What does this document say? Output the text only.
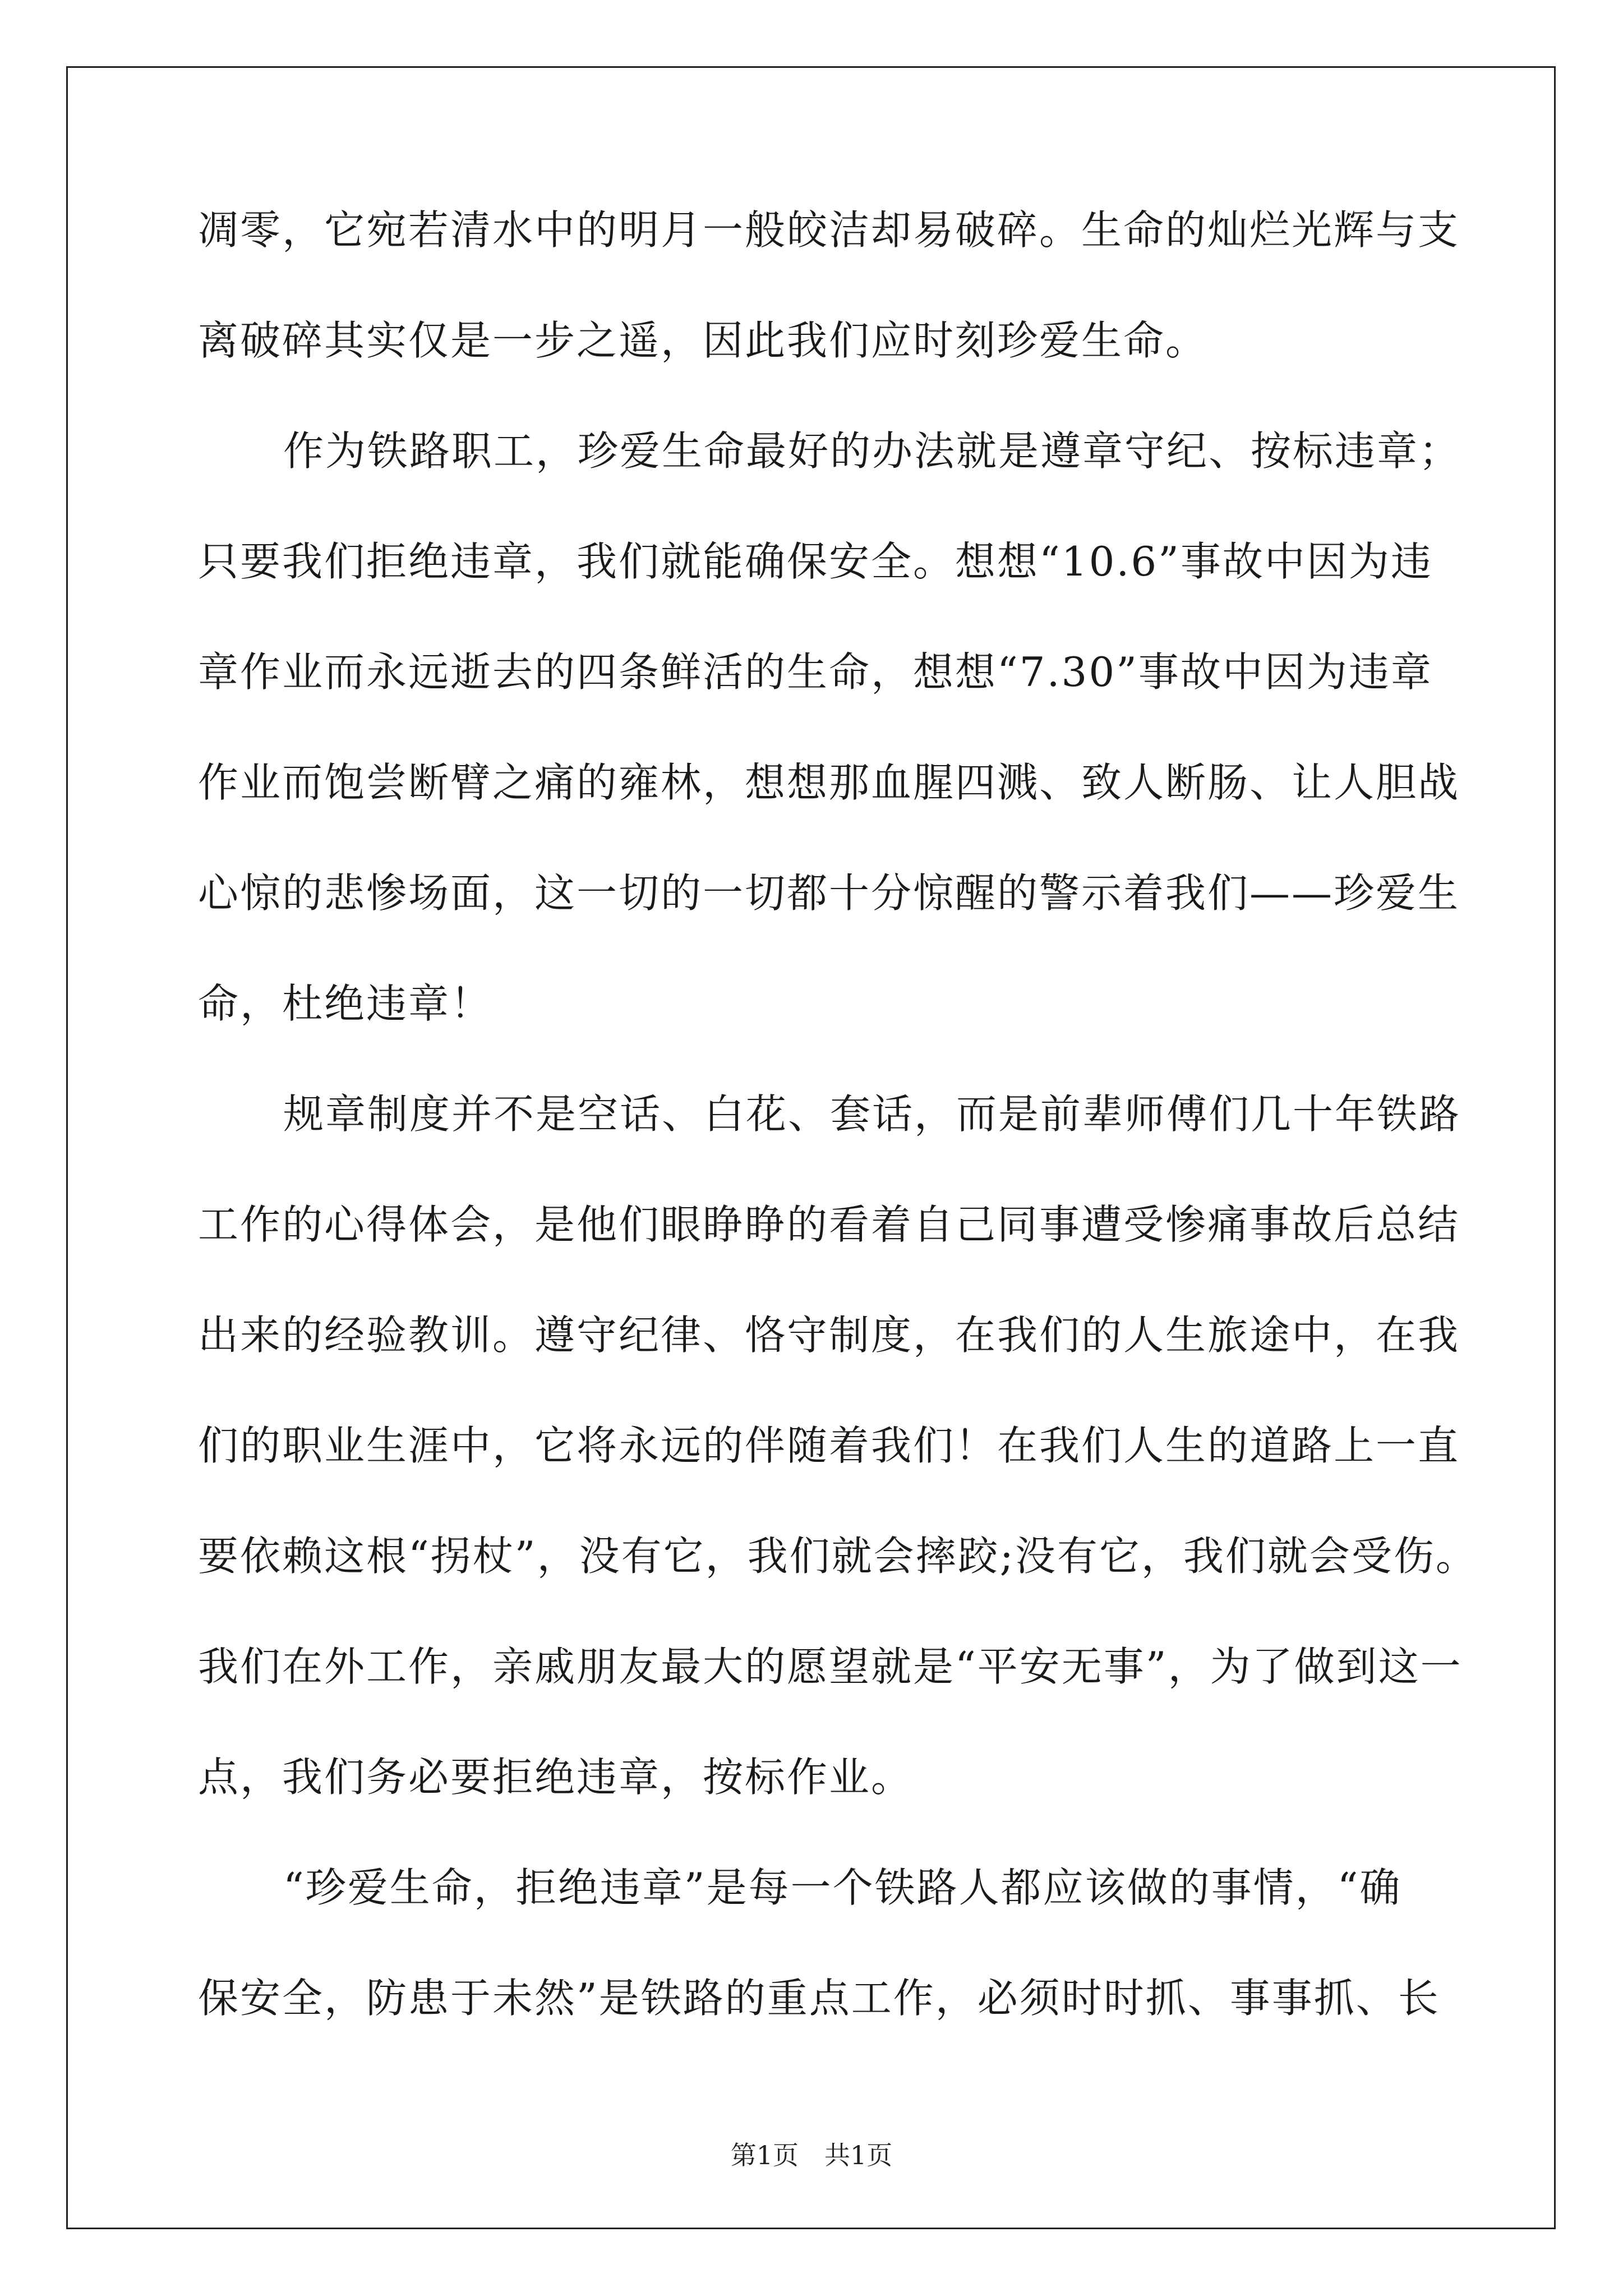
凋零，它宛若清水中的明月一般皎洁却易破碎。生命的灿烂光辉与支
离破碎其实仅是一步之遥，因此我们应时刻珍爱生命。
作为铁路职工，珍爱生命最好的办法就是遵章守纪、按标违章；
只要我们拒绝违章，我们就能确保安全。想想“10.6”事故中因为违
章作业而永远逝去的四条鲜活的生命，想想“7.30”事故中因为违章
作业而饱尝断臂之痛的雍林，想想那血腥四溅、致人断肠、让人胆战
心惊的悲惨场面，这一切的一切都十分惊醒的警示着我们——珍爱生
命，杜绝违章！
规章制度并不是空话、白花、套话，而是前辈师傅们几十年铁路
工作的心得体会，是他们眼睁睁的看着自己同事遭受惨痛事故后总结
出来的经验教训。遵守纪律、恪守制度，在我们的人生旅途中，在我
们的职业生涯中，它将永远的伴随着我们！在我们人生的道路上一直
要依赖这根“拐杖”，没有它，我们就会摔跤;没有它，我们就会受伤。
我们在外工作，亲戚朋友最大的愿望就是“平安无事”，为了做到这一
点，我们务必要拒绝违章，按标作业。
“珍爱生命，拒绝违章”是每一个铁路人都应该做的事情，“确
保安全，防患于未然”是铁路的重点工作，必须时时抓、事事抓、长
第1页　共1页
